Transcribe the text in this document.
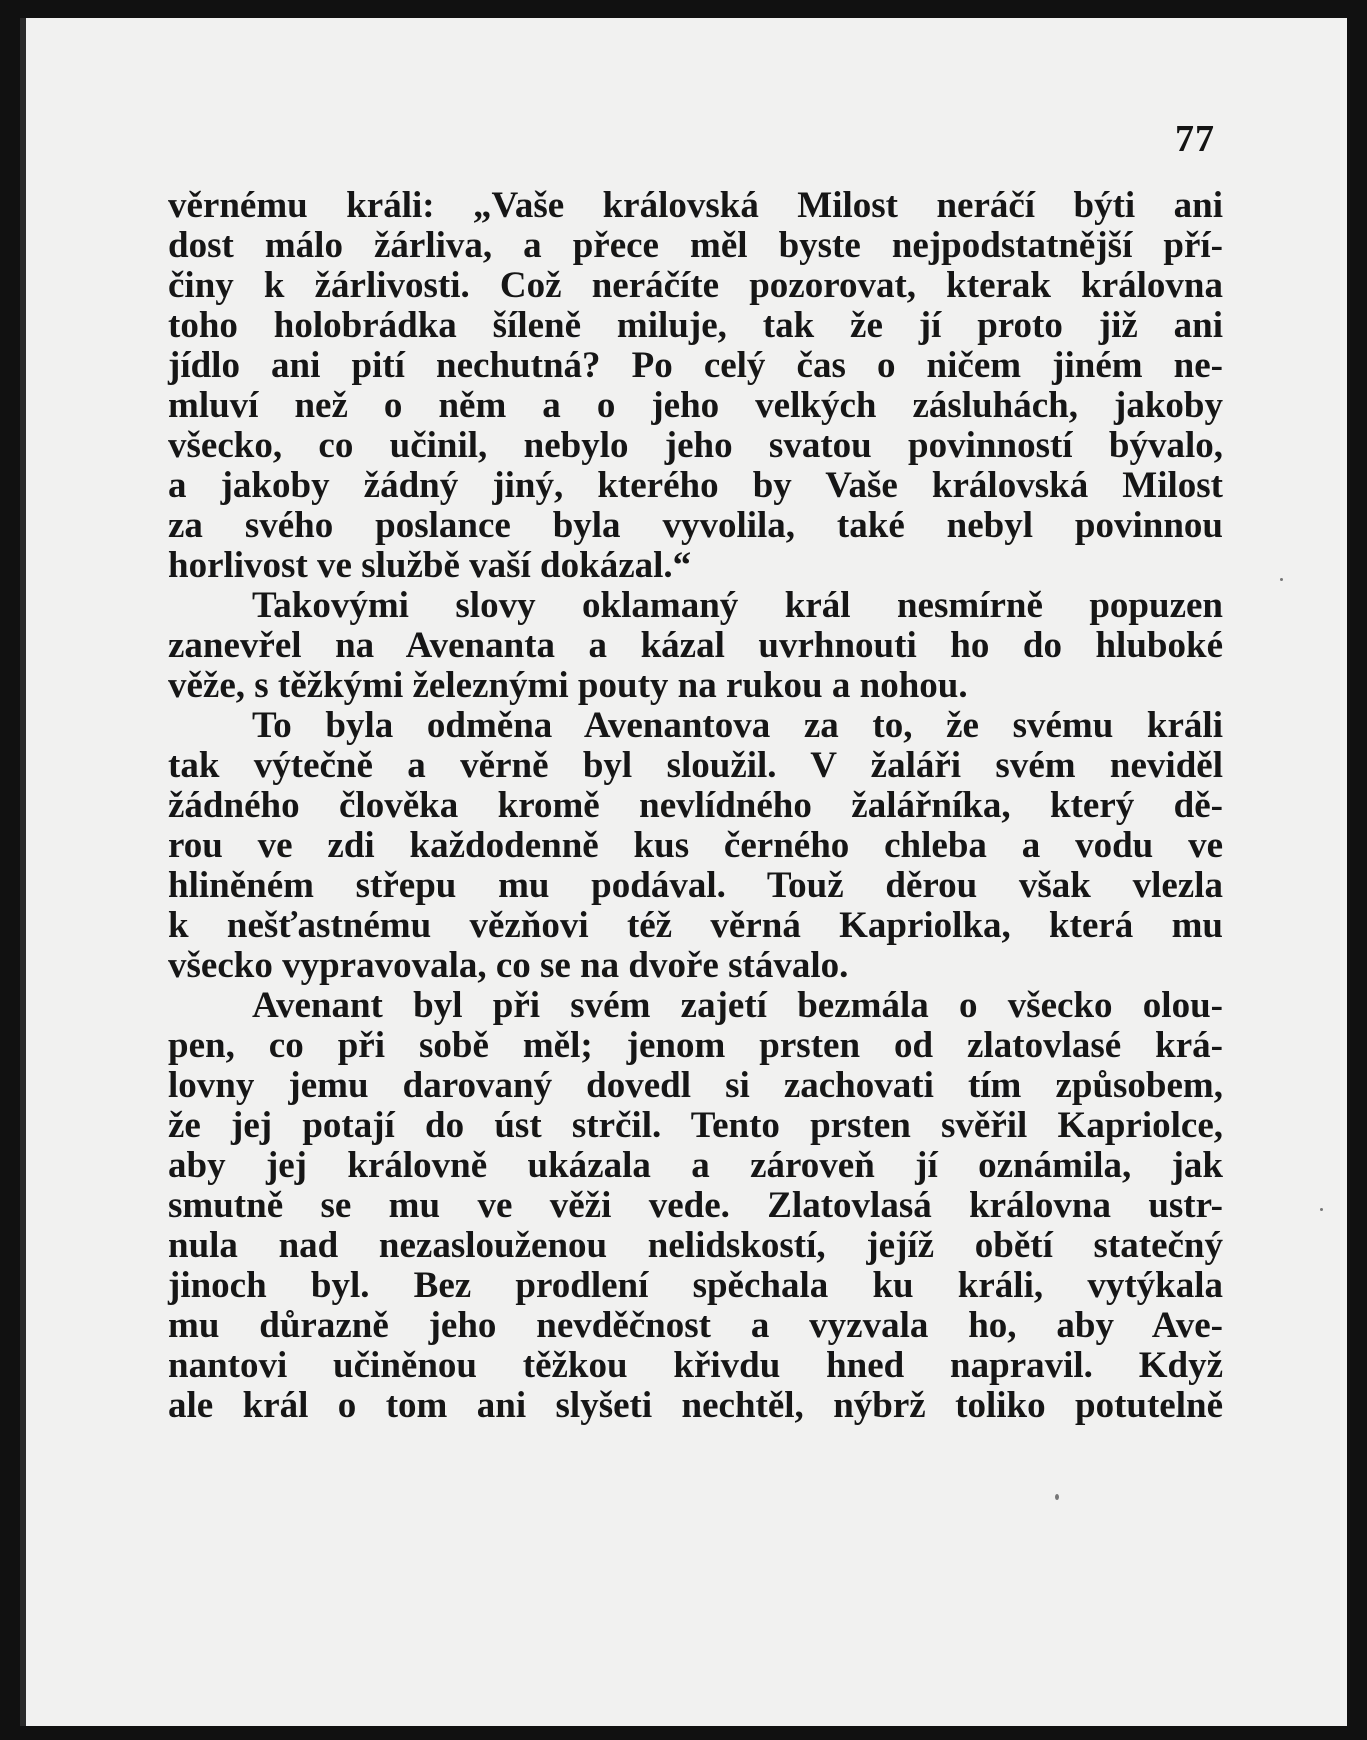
77
věrnému králi: „Vaše královská Milost neráčí býti ani
dost málo žárliva, a přece měl byste nejpodstatnější pří-
činy k žárlivosti. Což neráčíte pozorovat, kterak královna
toho holobrádka šíleně miluje, tak že jí proto již ani
jídlo ani pití nechutná? Po celý čas o ničem jiném ne-
mluví než o něm a o jeho velkých zásluhách, jakoby
všecko, co učinil, nebylo jeho svatou povinností bývalo,
a jakoby žádný jiný, kterého by Vaše královská Milost
za svého poslance byla vyvolila, také nebyl povinnou
horlivost ve službě vaší dokázal.“
Takovými slovy oklamaný král nesmírně popuzen
zanevřel na Avenanta a kázal uvrhnouti ho do hluboké
věže, s těžkými železnými pouty na rukou a nohou.
To byla odměna Avenantova za to, že svému králi
tak výtečně a věrně byl sloužil. V žaláři svém neviděl
žádného člověka kromě nevlídného žalářníka, který dě-
rou ve zdi každodenně kus černého chleba a vodu ve
hliněném střepu mu podával. Touž děrou však vlezla
k nešťastnému vězňovi též věrná Kapriolka, která mu
všecko vypravovala, co se na dvoře stávalo.
Avenant byl při svém zajetí bezmála o všecko olou-
pen, co při sobě měl; jenom prsten od zlatovlasé krá-
lovny jemu darovaný dovedl si zachovati tím způsobem,
že jej potají do úst strčil. Tento prsten svěřil Kapriolce,
aby jej královně ukázala a zároveň jí oznámila, jak
smutně se mu ve věži vede. Zlatovlasá královna ustr-
nula nad nezaslouženou nelidskostí, jejíž obětí statečný
jinoch byl. Bez prodlení spěchala ku králi, vytýkala
mu důrazně jeho nevděčnost a vyzvala ho, aby Ave-
nantovi učiněnou těžkou křivdu hned napravil. Když
ale král o tom ani slyšeti nechtěl, nýbrž toliko potutelně
